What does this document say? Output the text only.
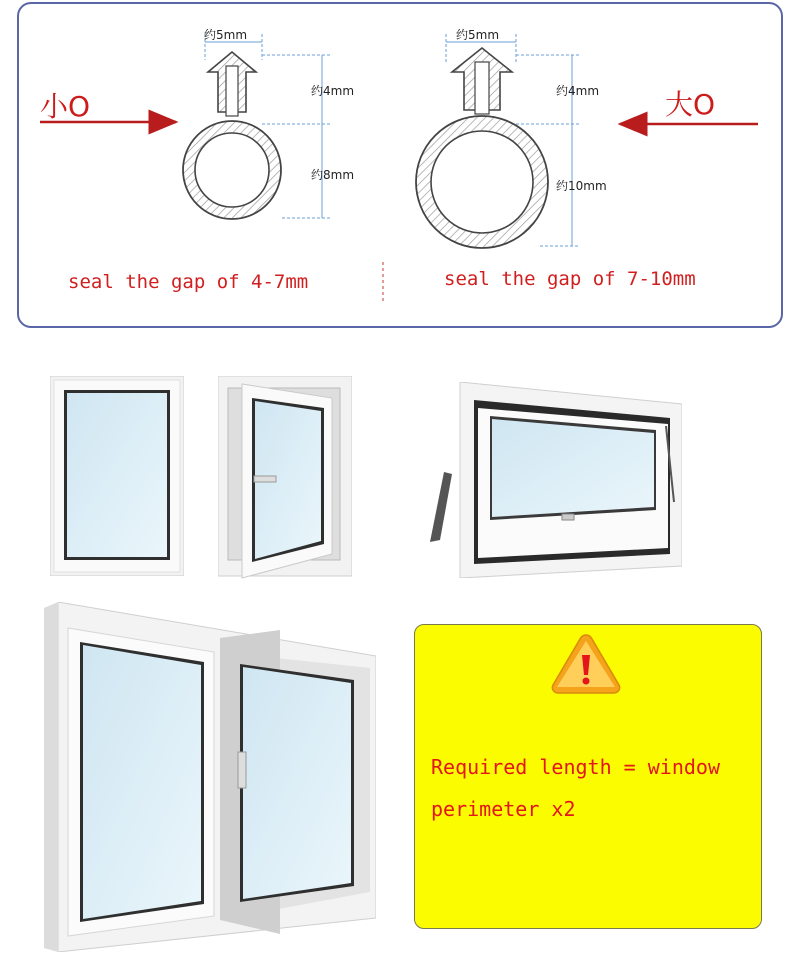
小O	大O
约5mm
约4mm
约8mm
约5mm
约4mm
约10mm
seal the gap of 4-7mm	seal the gap of 7-10mm
Required length = window
perimeter x2
